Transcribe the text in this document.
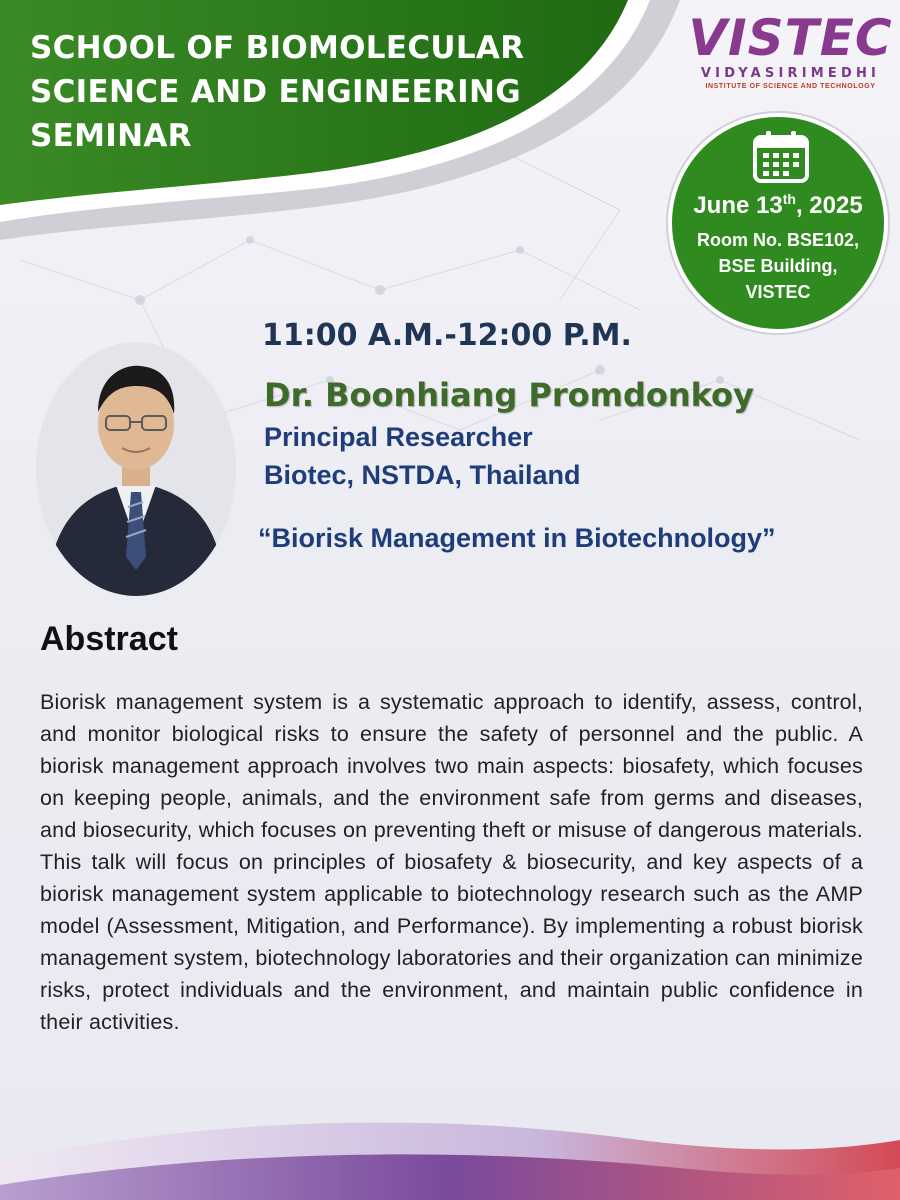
SCHOOL OF BIOMOLECULAR
SCIENCE AND ENGINEERING
SEMINAR
VISTEC
VIDYASIRIMEDHI
INSTITUTE OF SCIENCE AND TECHNOLOGY
June 13th, 2025
Room No. BSE102,
BSE Building,
VISTEC
11:00 A.M.-12:00 P.M.
Dr. Boonhiang Promdonkoy
Principal Researcher
Biotec, NSTDA, Thailand
“Biorisk Management in Biotechnology”
Abstract
Biorisk management system is a systematic approach to identify, assess, control, and monitor biological risks to ensure the safety of personnel and the public. A biorisk management approach involves two main aspects: biosafety, which focuses on keeping people, animals, and the environment safe from germs and diseases, and biosecurity, which focuses on preventing theft or misuse of dangerous materials. This talk will focus on principles of biosafety & biosecurity, and key aspects of a biorisk management system applicable to biotechnology research such as the AMP model (Assessment, Mitigation, and Performance). By implementing a robust biorisk management system, biotechnology laboratories and their organization can minimize risks, protect individuals and the environment, and maintain public confidence in their activities.
